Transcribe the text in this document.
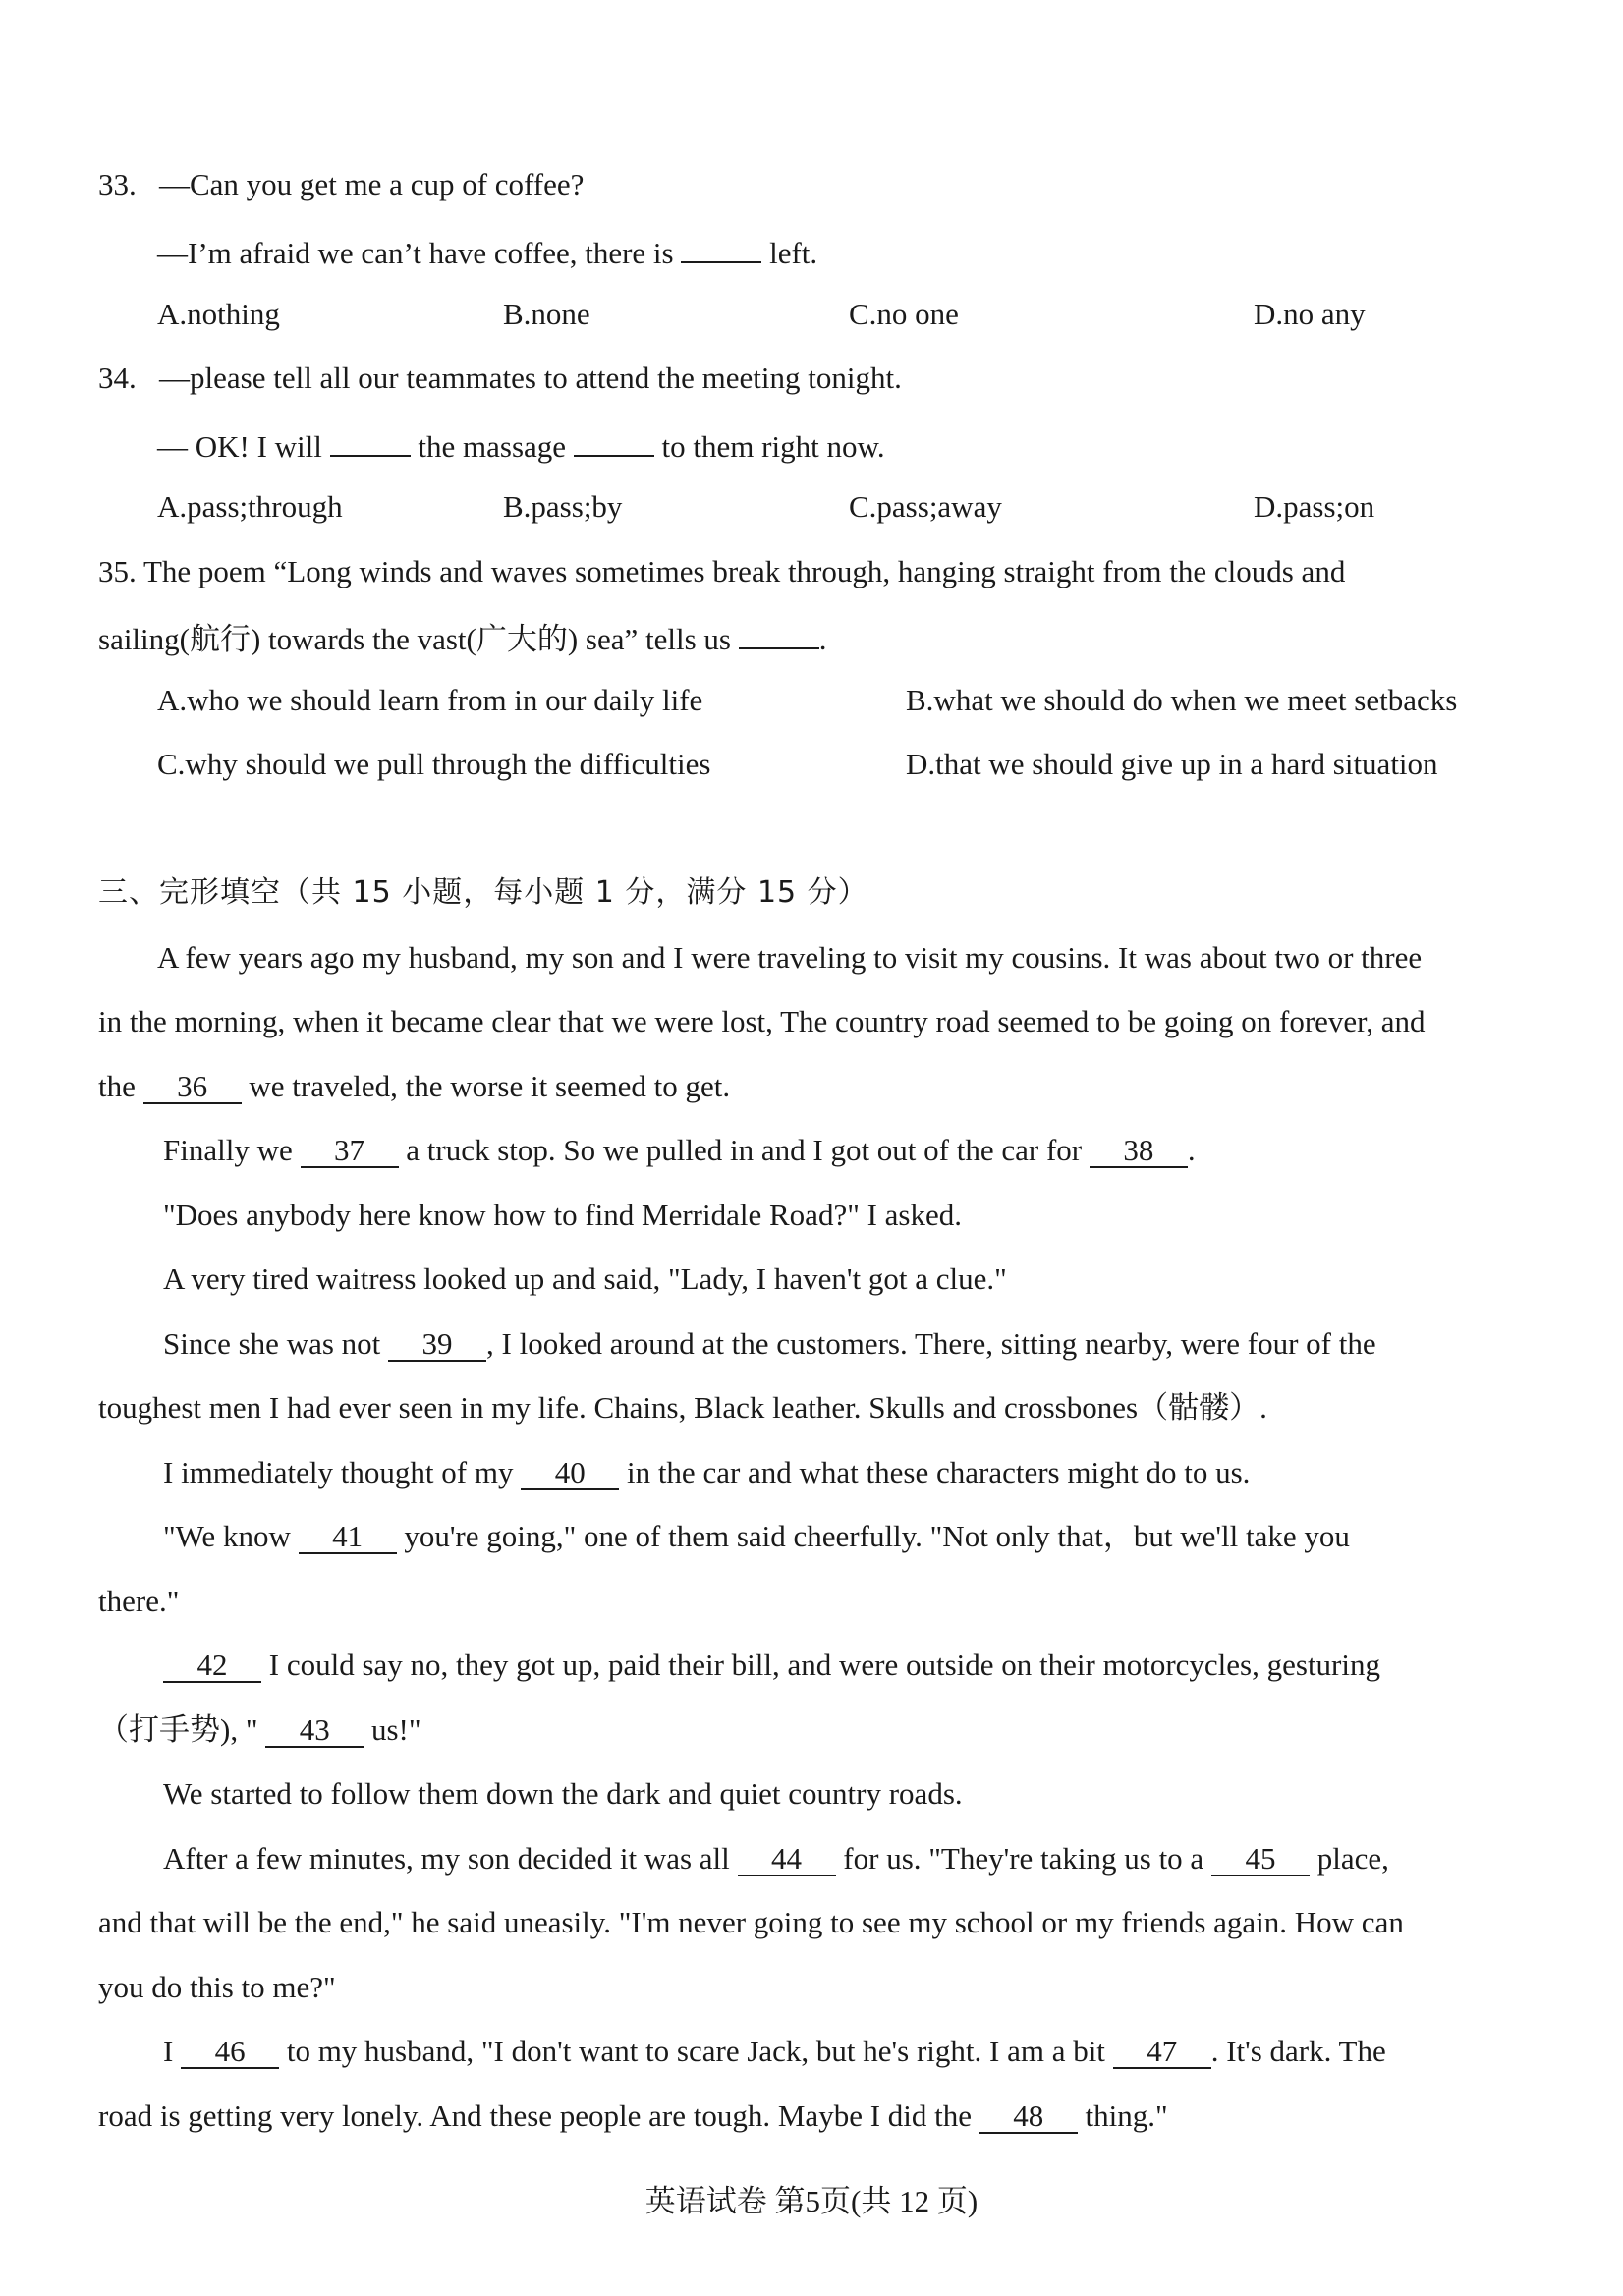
33. —Can you get me a cup of coffee?
—I’m afraid we can’t have coffee, there is	left.
A.nothing	B.none	C.no one	D.no any
34. —please tell all our teammates to attend the meeting tonight.
— OK! I will	the massage	to them right now.
A.pass;through	B.pass;by	C.pass;away	D.pass;on
35. The poem “Long winds and waves sometimes break through, hanging straight from the clouds and
sailing(航行) towards the vast(广大的) sea” tells us	.
A.who we should learn from in our daily life	B.what we should do when we meet setbacks
C.why should we pull through the difficulties	D.that we should give up in a hard situation
三、完形填空（共 15 小题，每小题 1 分，满分 15 分）
A few years ago my husband, my son and I were traveling to visit my cousins. It was about two or three
in the morning, when it became clear that we were lost, The country road seemed to be going on forever, and
the 36 we traveled, the worse it seemed to get.
Finally we 37 a truck stop. So we pulled in and I got out of the car for 38 .
"Does anybody here know how to find Merridale Road?" I asked.
A very tired waitress looked up and said, "Lady, I haven't got a clue."
Since she was not 39 , I looked around at the customers. There, sitting nearby, were four of the
toughest men I had ever seen in my life. Chains, Black leather. Skulls and crossbones（骷髅）.
I immediately thought of my 40 in the car and what these characters might do to us.
"We know 41 you're going," one of them said cheerfully. "Not only that，but we'll take you
there."
42 I could say no, they got up, paid their bill, and were outside on their motorcycles, gesturing
（打手势), " 43 us!"
We started to follow them down the dark and quiet country roads.
After a few minutes, my son decided it was all 44 for us. "They're taking us to a 45 place,
and that will be the end," he said uneasily. "I'm never going to see my school or my friends again. How can
you do this to me?"
I 46 to my husband, "I don't want to scare Jack, but he's right. I am a bit 47 . It's dark. The
road is getting very lonely. And these people are tough. Maybe I did the 48 thing."
英语试卷 第5页(共 12 页)
